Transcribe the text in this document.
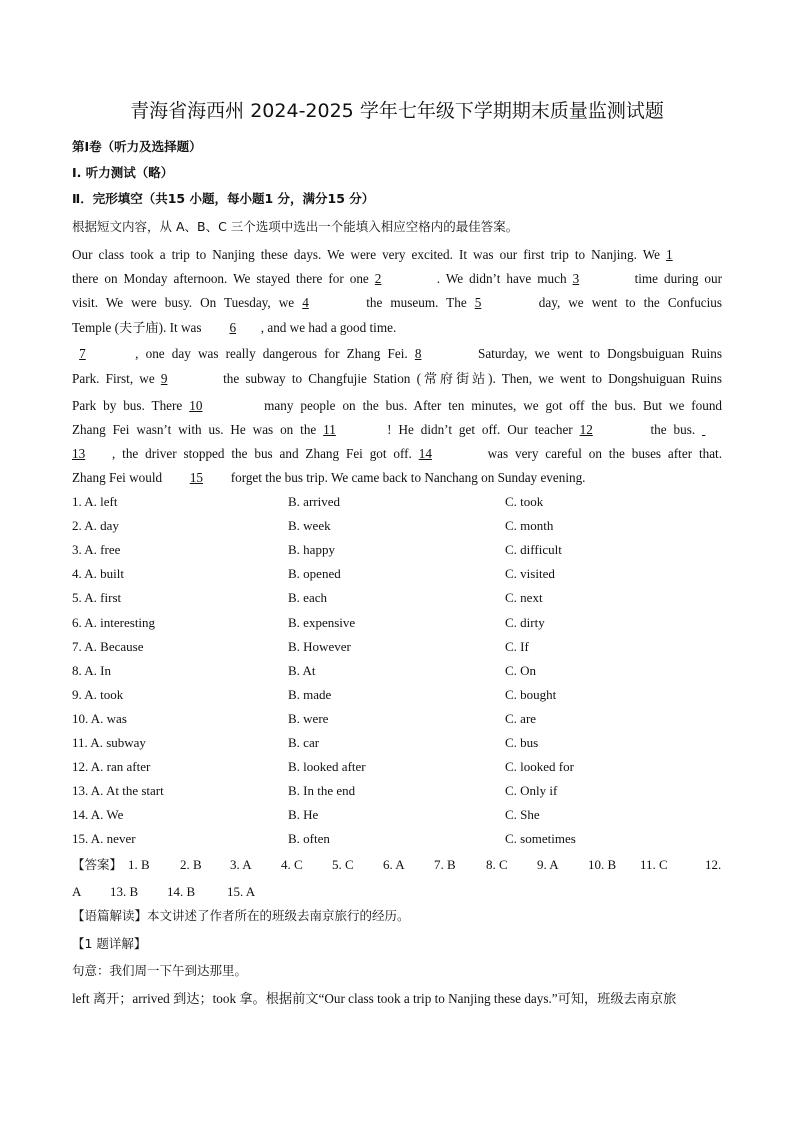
青海省海西州 2024-2025 学年七年级下学期期末质量监测试题
第Ⅰ卷（听力及选择题）
I. 听力测试（略）
Ⅱ．完形填空（共15 小题，每小题1 分，满分15 分）
根据短文内容，从 A、B、C 三个选项中选出一个能填入相应空格内的最佳答案。
Our class took a trip to Nanjing these days. We were very excited. It was our first trip to Nanjing. We 1
there on Monday afternoon. We stayed there for one 2	. We didn’t have much 3	time during our
visit. We were busy. On Tuesday, we 4	the museum. The 5	day, we went to the Confucius
Temple (夫子庙). It was 6 , and we had a good time.
7	, one day was really dangerous for Zhang Fei. 8	Saturday, we went to Dongsbuiguan Ruins
Park. First, we 9	the subway to Changfujie Station (常府街站). Then, we went to Dongshuiguan Ruins
Park by bus. There 10	many people on the bus. After ten minutes, we got off the bus. But we found
Zhang Fei wasn’t with us. He was on the 11	! He didn’t get off. Our teacher 12	the bus.
13 , the driver stopped the bus and Zhang Fei got off. 14	was very careful on the buses after that.
Zhang Fei would 15 forget the bus trip. We came back to Nanchang on Sunday evening.
1. A. left	B. arrived	C. took
2. A. day	B. week	C. month
3. A. free	B. happy	C. difficult
4. A. built	B. opened	C. visited
5. A. first	B. each	C. next
6. A. interesting	B. expensive	C. dirty
7. A. Because	B. However	C. If
8. A. In	B. At	C. On
9. A. took	B. made	C. bought
10. A. was	B. were	C. are
11. A. subway	B. car	C. bus
12. A. ran after	B. looked after	C. looked for
13. A. At the start	B. In the end	C. Only if
14. A. We	B. He	C. She
15. A. never	B. often	C. sometimes
【答案】 1. B 2. B 3. A 4. C 5. C 6. A 7. B 8. C 9. A 10. B 11. C	12.
A 13. B 14. B 15. A
【语篇解读】本文讲述了作者所在的班级去南京旅行的经历。
【1 题详解】
句意：我们周一下午到达那里。
left 离开；arrived 到达；took 拿。根据前文“Our class took a trip to Nanjing these days.”可知，班级去南京旅
